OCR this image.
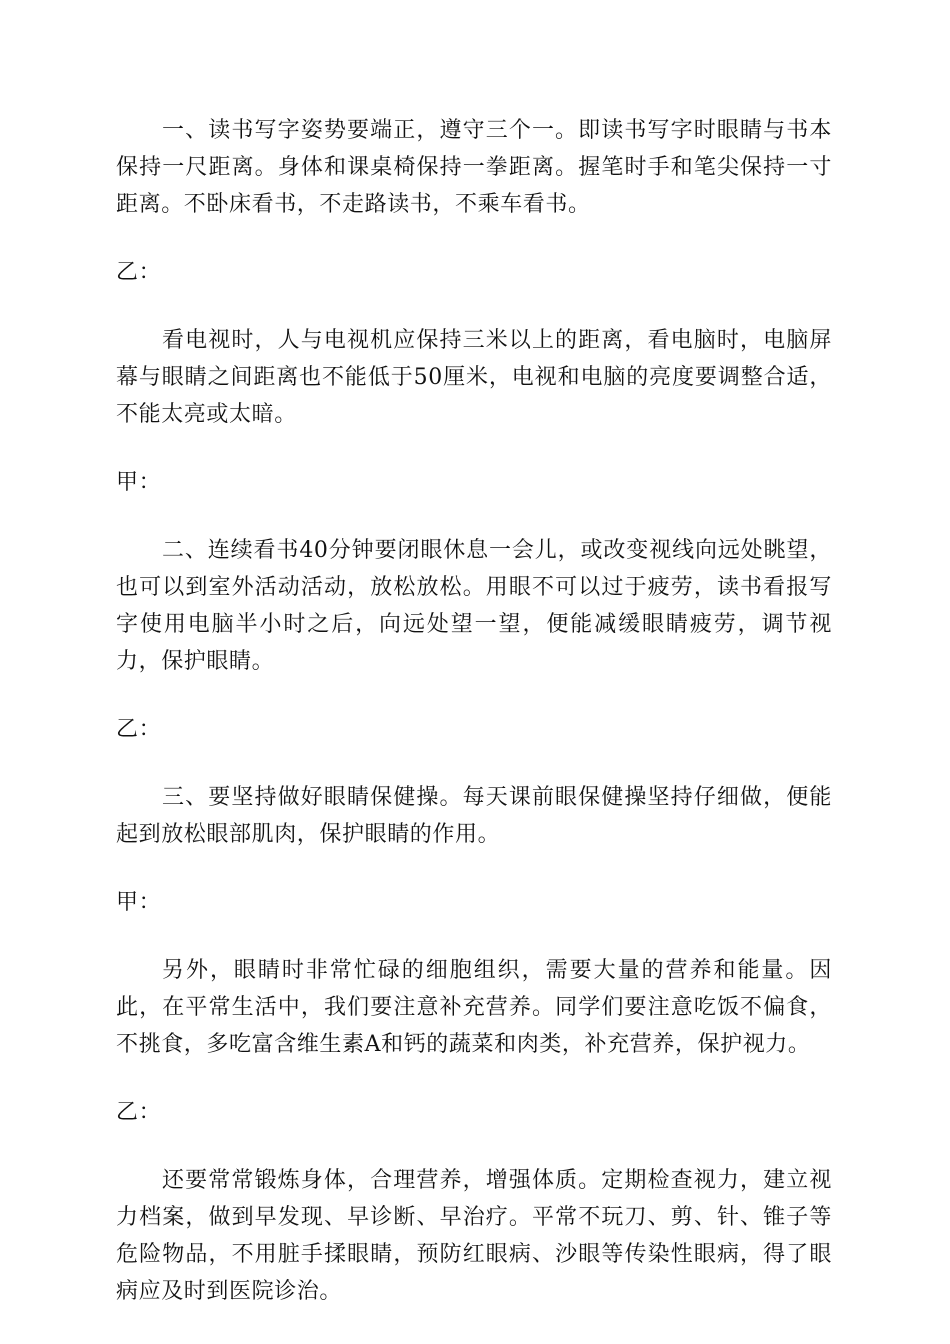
一、读书写字姿势要端正，遵守三个一。即读书写字时眼睛与书本保持一尺距离。身体和课桌椅保持一拳距离。握笔时手和笔尖保持一寸距离。不卧床看书，不走路读书，不乘车看书。

乙：

看电视时，人与电视机应保持三米以上的距离，看电脑时，电脑屏幕与眼睛之间距离也不能低于50厘米，电视和电脑的亮度要调整合适，不能太亮或太暗。

甲：

二、连续看书40分钟要闭眼休息一会儿，或改变视线向远处眺望，也可以到室外活动活动，放松放松。用眼不可以过于疲劳，读书看报写字使用电脑半小时之后，向远处望一望，便能减缓眼睛疲劳，调节视力，保护眼睛。

乙：

三、要坚持做好眼睛保健操。每天课前眼保健操坚持仔细做，便能起到放松眼部肌肉，保护眼睛的作用。

甲：

另外，眼睛时非常忙碌的细胞组织，需要大量的营养和能量。因此，在平常生活中，我们要注意补充营养。同学们要注意吃饭不偏食，不挑食，多吃富含维生素A和钙的蔬菜和肉类，补充营养，保护视力。

乙：

还要常常锻炼身体，合理营养，增强体质。定期检查视力，建立视力档案，做到早发现、早诊断、早治疗。平常不玩刀、剪、针、锥子等危险物品，不用脏手揉眼睛，预防红眼病、沙眼等传染性眼病，得了眼病应及时到医院诊治。
